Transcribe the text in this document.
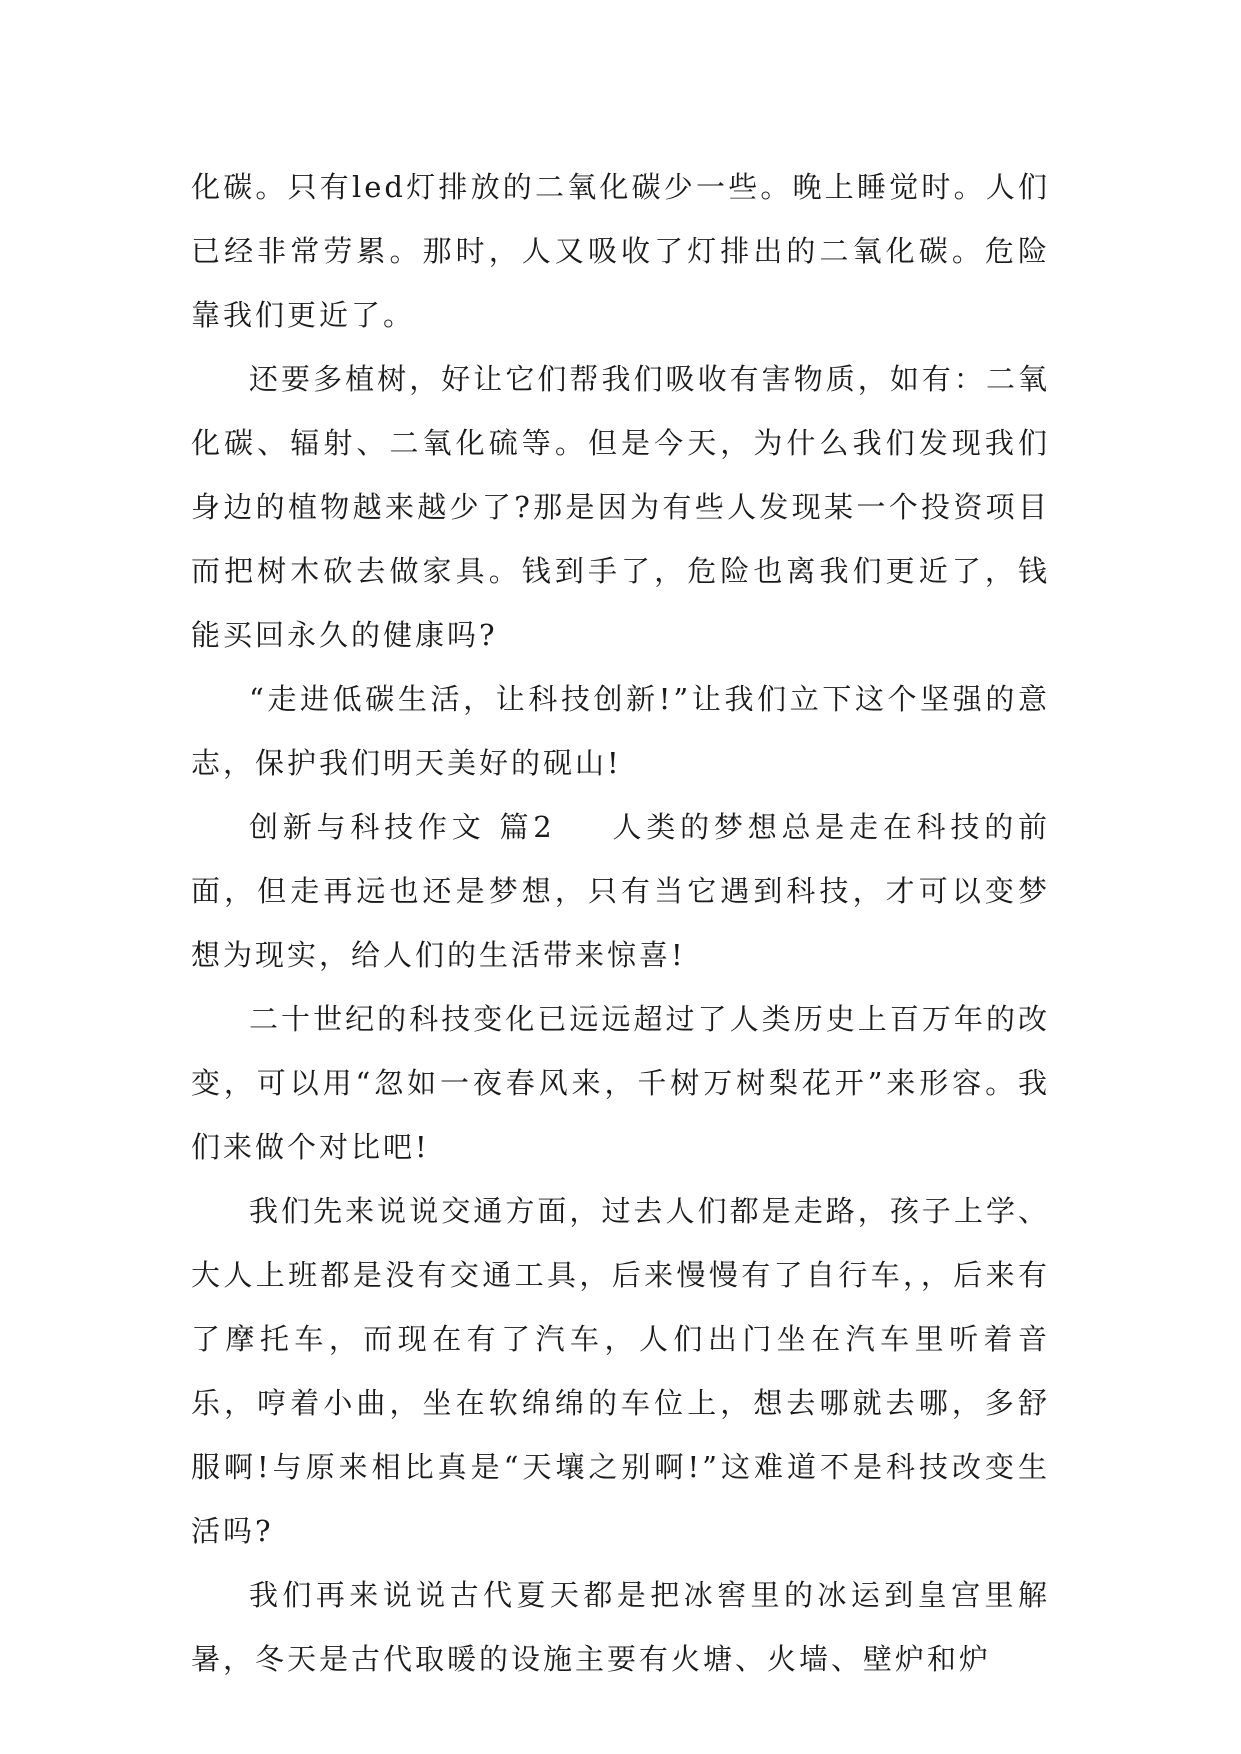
化碳。只有led灯排放的二氧化碳少一些。晚上睡觉时。人们已经非常劳累。那时，人又吸收了灯排出的二氧化碳。危险靠我们更近了。

还要多植树，好让它们帮我们吸收有害物质，如有：二氧化碳、辐射、二氧化硫等。但是今天，为什么我们发现我们身边的植物越来越少了?那是因为有些人发现某一个投资项目而把树木砍去做家具。钱到手了，危险也离我们更近了，钱能买回永久的健康吗?

“走进低碳生活，让科技创新!”让我们立下这个坚强的意志，保护我们明天美好的砚山!

创新与科技作文 篇2 人类的梦想总是走在科技的前面，但走再远也还是梦想，只有当它遇到科技，才可以变梦想为现实，给人们的生活带来惊喜!

二十世纪的科技变化已远远超过了人类历史上百万年的改变，可以用“忽如一夜春风来，千树万树梨花开”来形容。我们来做个对比吧!

我们先来说说交通方面，过去人们都是走路，孩子上学、大人上班都是没有交通工具，后来慢慢有了自行车，，后来有了摩托车，而现在有了汽车，人们出门坐在汽车里听着音乐，哼着小曲，坐在软绵绵的车位上，想去哪就去哪，多舒服啊!与原来相比真是“天壤之别啊!”这难道不是科技改变生活吗?

我们再来说说古代夏天都是把冰窖里的冰运到皇宫里解暑，冬天是古代取暖的设施主要有火塘、火墙、壁炉和炉
